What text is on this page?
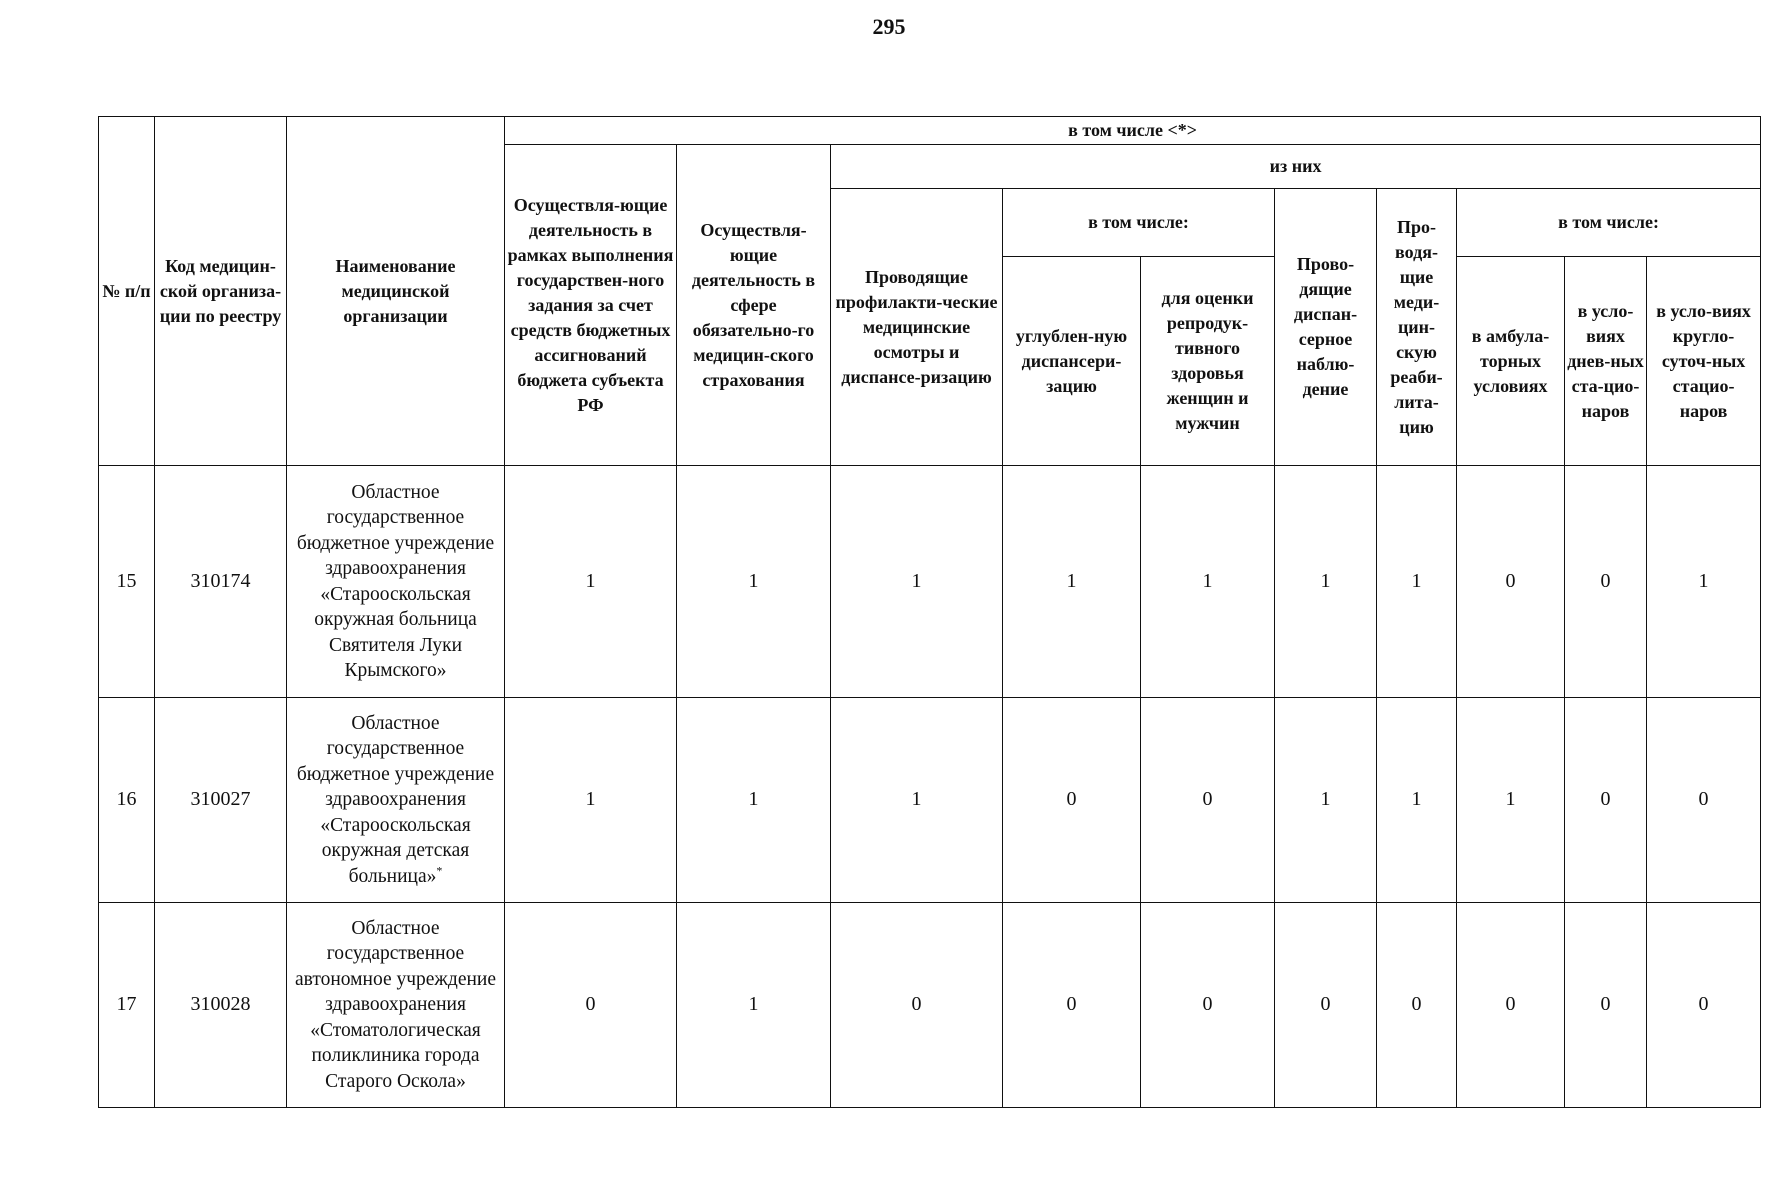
295
№ п/п	Код медицин-ской организа-ции по реестру	Наименование медицинской организации	в том числе <*>									
			Осуществля-ющие деятельность в рамках выполнения государствен-ного задания за счет средств бюджетных ассигнований бюджета субъекта РФ	Осуществля-ющие деятельность в сфере обязательно-го медицин-ского страхования	из них							
					Проводящие профилакти-ческие медицинские осмотры и диспансе-ризацию	в том числе:		Прово-дящие диспан-серное наблю-дение	Про-водя-щие меди-цин-скую реаби-лита-цию	в том числе:		
						углублен-ную диспансери-зацию	для оценки репродук-тивного здоровья женщин и мужчин			в амбула-торных условиях	в усло-виях днев-ных ста-цио-наров	в усло-виях кругло-суточ-ных стацио-наров
15	310174	Областное государственное бюджетное учреждение здравоохранения «Старооскольская окружная больница Святителя Луки Крымского»	1	1	1	1	1	1	1	0	0	1
16	310027	Областное государственное бюджетное учреждение здравоохранения «Старооскольская окружная детская больница»*	1	1	1	0	0	1	1	1	0	0
17	310028	Областное государственное автономное учреждение здравоохранения «Стоматологическая поликлиника города Старого Оскола»	0	1	0	0	0	0	0	0	0	0
